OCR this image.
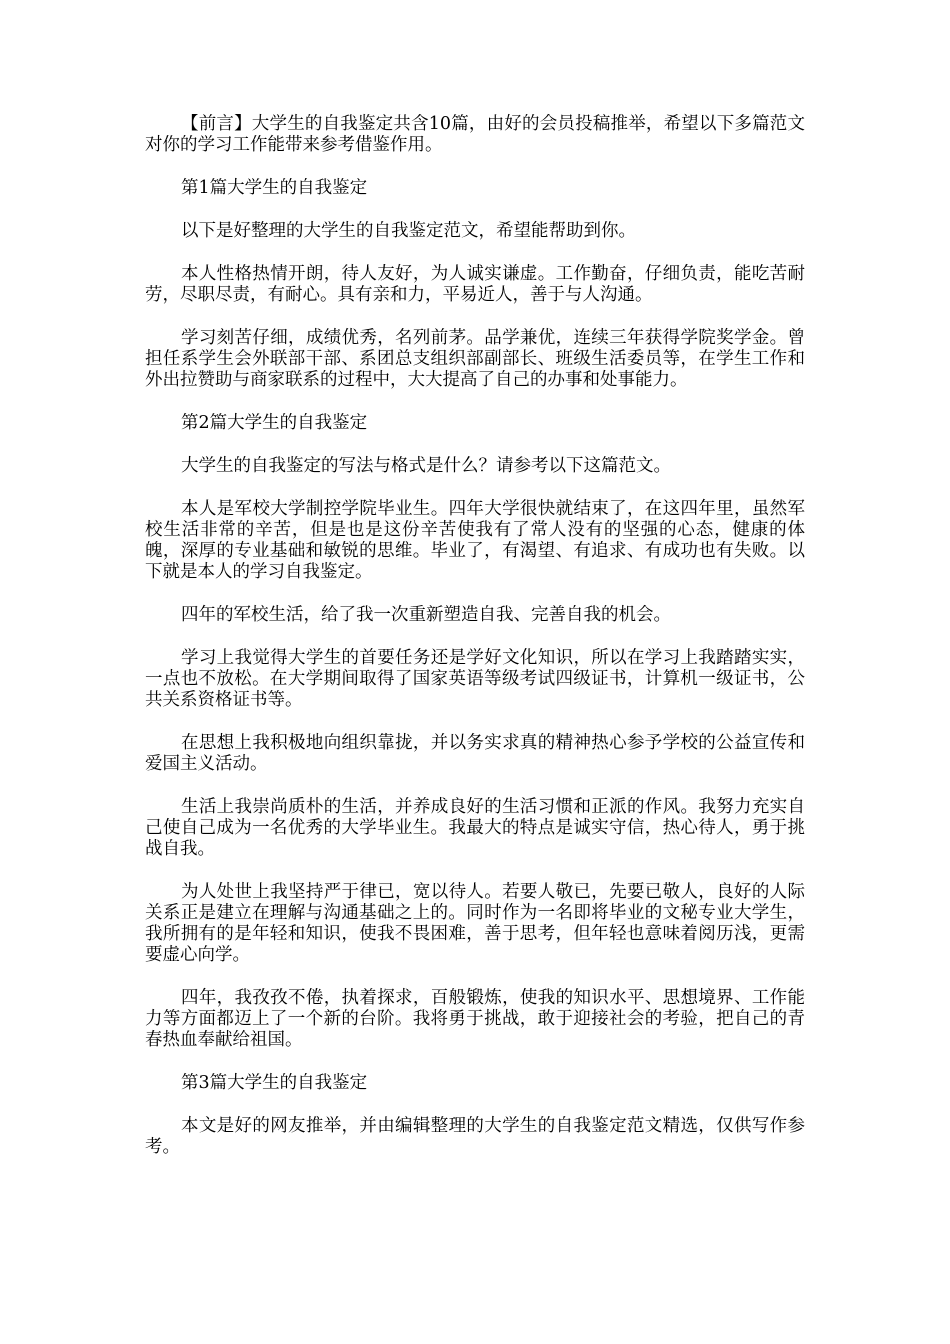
【前言】大学生的自我鉴定共含10篇，由好的会员投稿推举，希望以下多篇范文对你的学习工作能带来参考借鉴作用。

第1篇大学生的自我鉴定

以下是好整理的大学生的自我鉴定范文，希望能帮助到你。

本人性格热情开朗，待人友好，为人诚实谦虚。工作勤奋，仔细负责，能吃苦耐劳，尽职尽责，有耐心。具有亲和力，平易近人，善于与人沟通。

学习刻苦仔细，成绩优秀，名列前茅。品学兼优，连续三年获得学院奖学金。曾担任系学生会外联部干部、系团总支组织部副部长、班级生活委员等，在学生工作和外出拉赞助与商家联系的过程中，大大提高了自己的办事和处事能力。

第2篇大学生的自我鉴定

大学生的自我鉴定的写法与格式是什么？请参考以下这篇范文。

本人是军校大学制控学院毕业生。四年大学很快就结束了，在这四年里，虽然军校生活非常的辛苦，但是也是这份辛苦使我有了常人没有的坚强的心态，健康的体魄，深厚的专业基础和敏锐的思维。毕业了，有渴望、有追求、有成功也有失败。以下就是本人的学习自我鉴定。

四年的军校生活，给了我一次重新塑造自我、完善自我的机会。

学习上我觉得大学生的首要任务还是学好文化知识，所以在学习上我踏踏实实，一点也不放松。在大学期间取得了国家英语等级考试四级证书，计算机一级证书，公共关系资格证书等。

在思想上我积极地向组织靠拢，并以务实求真的精神热心参予学校的公益宣传和爱国主义活动。

生活上我崇尚质朴的生活，并养成良好的生活习惯和正派的作风。我努力充实自己使自己成为一名优秀的大学毕业生。我最大的特点是诚实守信，热心待人，勇于挑战自我。

为人处世上我坚持严于律已，宽以待人。若要人敬已，先要已敬人，良好的人际关系正是建立在理解与沟通基础之上的。同时作为一名即将毕业的文秘专业大学生，我所拥有的是年轻和知识，使我不畏困难，善于思考，但年轻也意味着阅历浅，更需要虚心向学。

四年，我孜孜不倦，执着探求，百般锻炼，使我的知识水平、思想境界、工作能力等方面都迈上了一个新的台阶。我将勇于挑战，敢于迎接社会的考验，把自己的青春热血奉献给祖国。

第3篇大学生的自我鉴定

本文是好的网友推举，并由编辑整理的大学生的自我鉴定范文精选，仅供写作参考。
